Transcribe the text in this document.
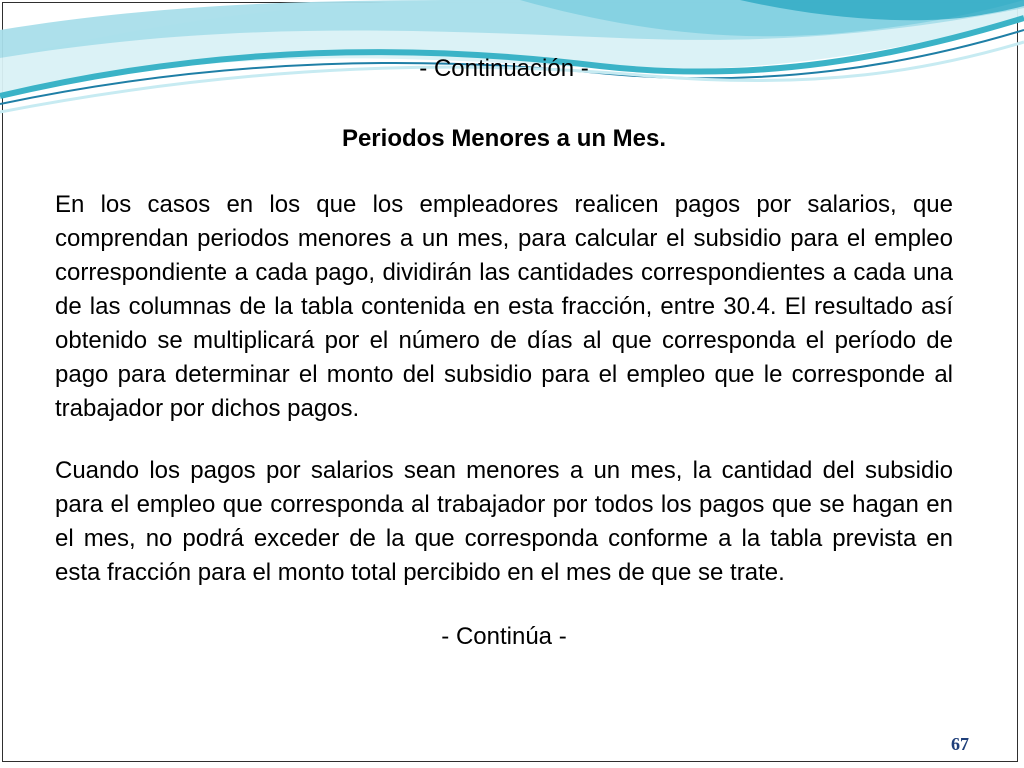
- Continuación -

Periodos Menores a un Mes.

En los casos en los que los empleadores realicen pagos por salarios, que comprendan periodos menores a un mes, para calcular el subsidio para el empleo correspondiente a cada pago, dividirán las cantidades correspondientes a cada una de las columnas de la tabla contenida en esta fracción, entre 30.4. El resultado así obtenido se multiplicará por el número de días al que corresponda el período de pago para determinar el monto del subsidio para el empleo que le corresponde al trabajador por dichos pagos.

Cuando los pagos por salarios sean menores a un mes, la cantidad del subsidio para el empleo que corresponda al trabajador por todos los pagos que se hagan en el mes, no podrá exceder de la que corresponda conforme a la tabla prevista en esta fracción para el monto total percibido en el mes de que se trate.

- Continúa -

67
